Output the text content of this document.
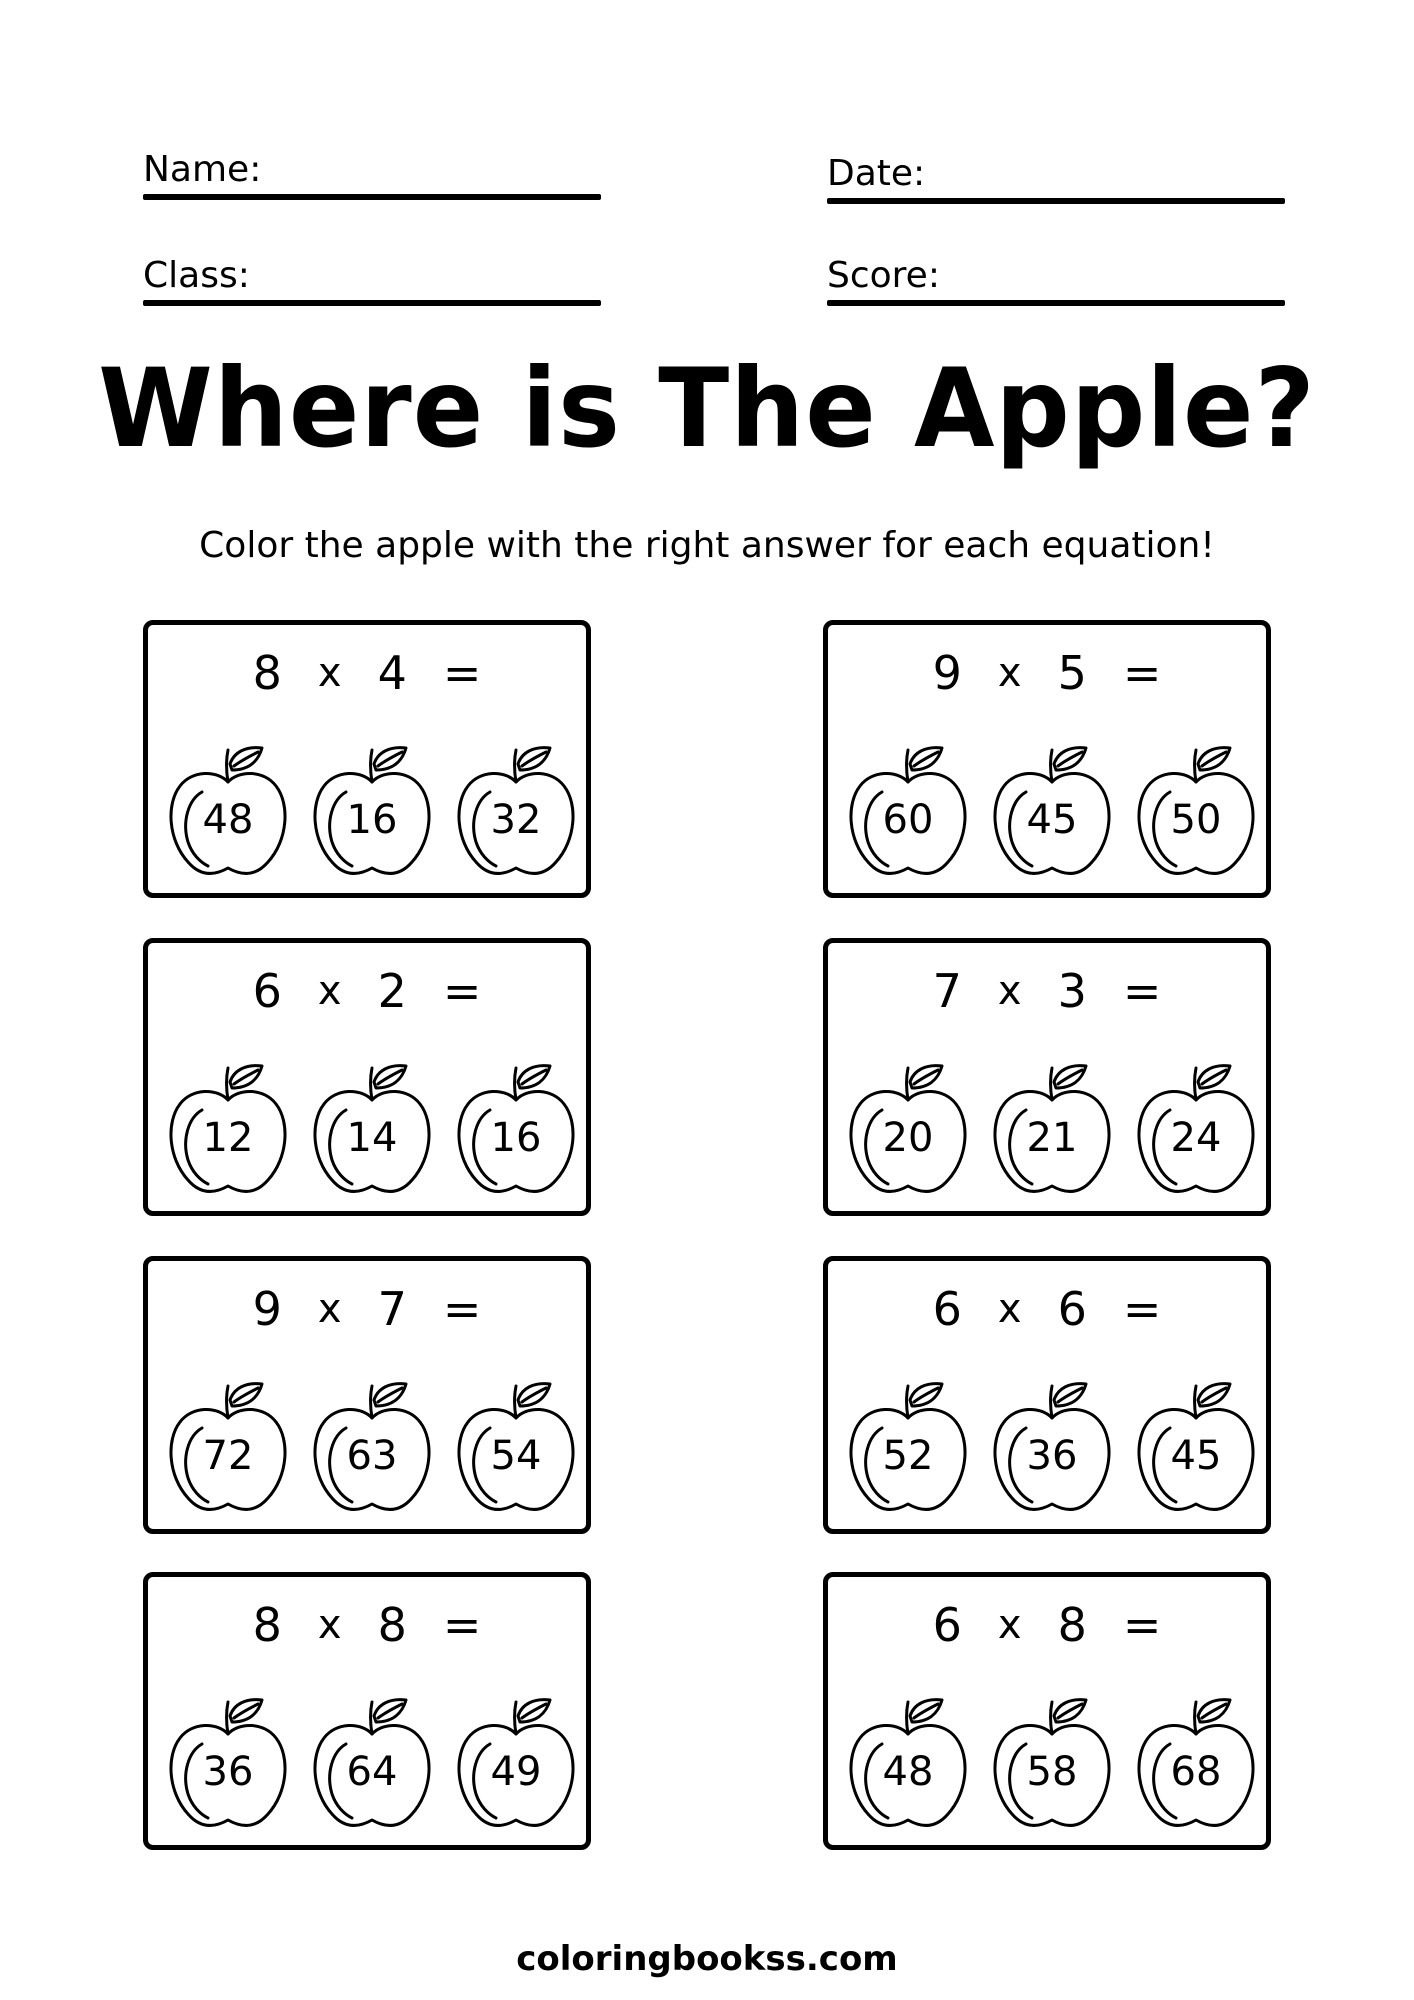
Name:	Date:
Class:	Score:
Where is The Apple?
Color the apple with the right answer for each equation!
8 x 4 =
48	16	32
9 x 5 =
60	45	50
6 x 2 =
12	14	16
7 x 3 =
20	21	24
9 x 7 =
72	63	54
6 x 6 =
52	36	45
8 x 8 =
36	64	49
6 x 8 =
48	58	68
coloringbookss.com
